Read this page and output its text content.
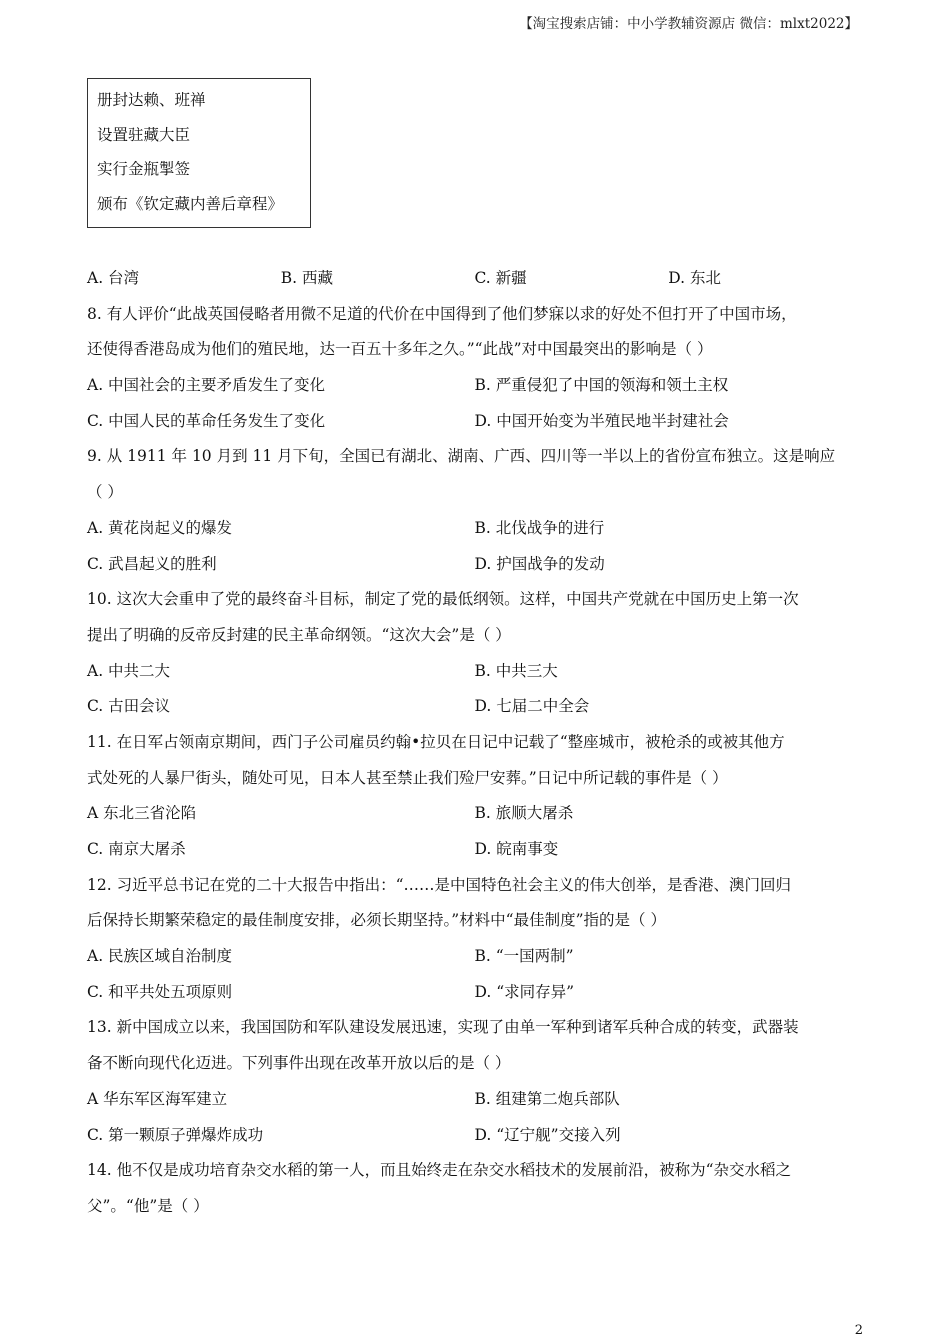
【淘宝搜索店铺：中小学教辅资源店 微信：mlxt2022】
册封达赖、班禅
设置驻藏大臣
实行金瓶掣签
颁布《钦定藏内善后章程》
A. 台湾	B. 西藏	C. 新疆	D. 东北
8. 有人评价“此战英国侵略者用微不足道的代价在中国得到了他们梦寐以求的好处不但打开了中国市场，
还使得香港岛成为他们的殖民地，达一百五十多年之久。”“此战”对中国最突出的影响是（ ）
A. 中国社会的主要矛盾发生了变化	B. 严重侵犯了中国的领海和领土主权
C. 中国人民的革命任务发生了变化	D. 中国开始变为半殖民地半封建社会
9. 从 1911 年 10 月到 11 月下旬，全国已有湖北、湖南、广西、四川等一半以上的省份宣布独立。这是响应
（ ）
A. 黄花岗起义的爆发	B. 北伐战争的进行
C. 武昌起义的胜利	D. 护国战争的发动
10. 这次大会重申了党的最终奋斗目标，制定了党的最低纲领。这样，中国共产党就在中国历史上第一次
提出了明确的反帝反封建的民主革命纲领。“这次大会”是（ ）
A. 中共二大	B. 中共三大
C. 古田会议	D. 七届二中全会
11. 在日军占领南京期间，西门子公司雇员约翰•拉贝在日记中记载了“整座城市，被枪杀的或被其他方
式处死的人暴尸街头，随处可见，日本人甚至禁止我们殓尸安葬。”日记中所记载的事件是（ ）
A 东北三省沦陷	B. 旅顺大屠杀
C. 南京大屠杀	D. 皖南事变
12. 习近平总书记在党的二十大报告中指出：“……是中国特色社会主义的伟大创举，是香港、澳门回归
后保持长期繁荣稳定的最佳制度安排，必须长期坚持。”材料中“最佳制度”指的是（ ）
A. 民族区域自治制度	B. “一国两制”
C. 和平共处五项原则	D. “求同存异”
13. 新中国成立以来，我国国防和军队建设发展迅速，实现了由单一军种到诸军兵种合成的转变，武器装
备不断向现代化迈进。下列事件出现在改革开放以后的是（ ）
A 华东军区海军建立	B. 组建第二炮兵部队
C. 第一颗原子弹爆炸成功	D. “辽宁舰”交接入列
14. 他不仅是成功培育杂交水稻的第一人，而且始终走在杂交水稻技术的发展前沿，被称为“杂交水稻之
父”。“他”是（ ）
2
